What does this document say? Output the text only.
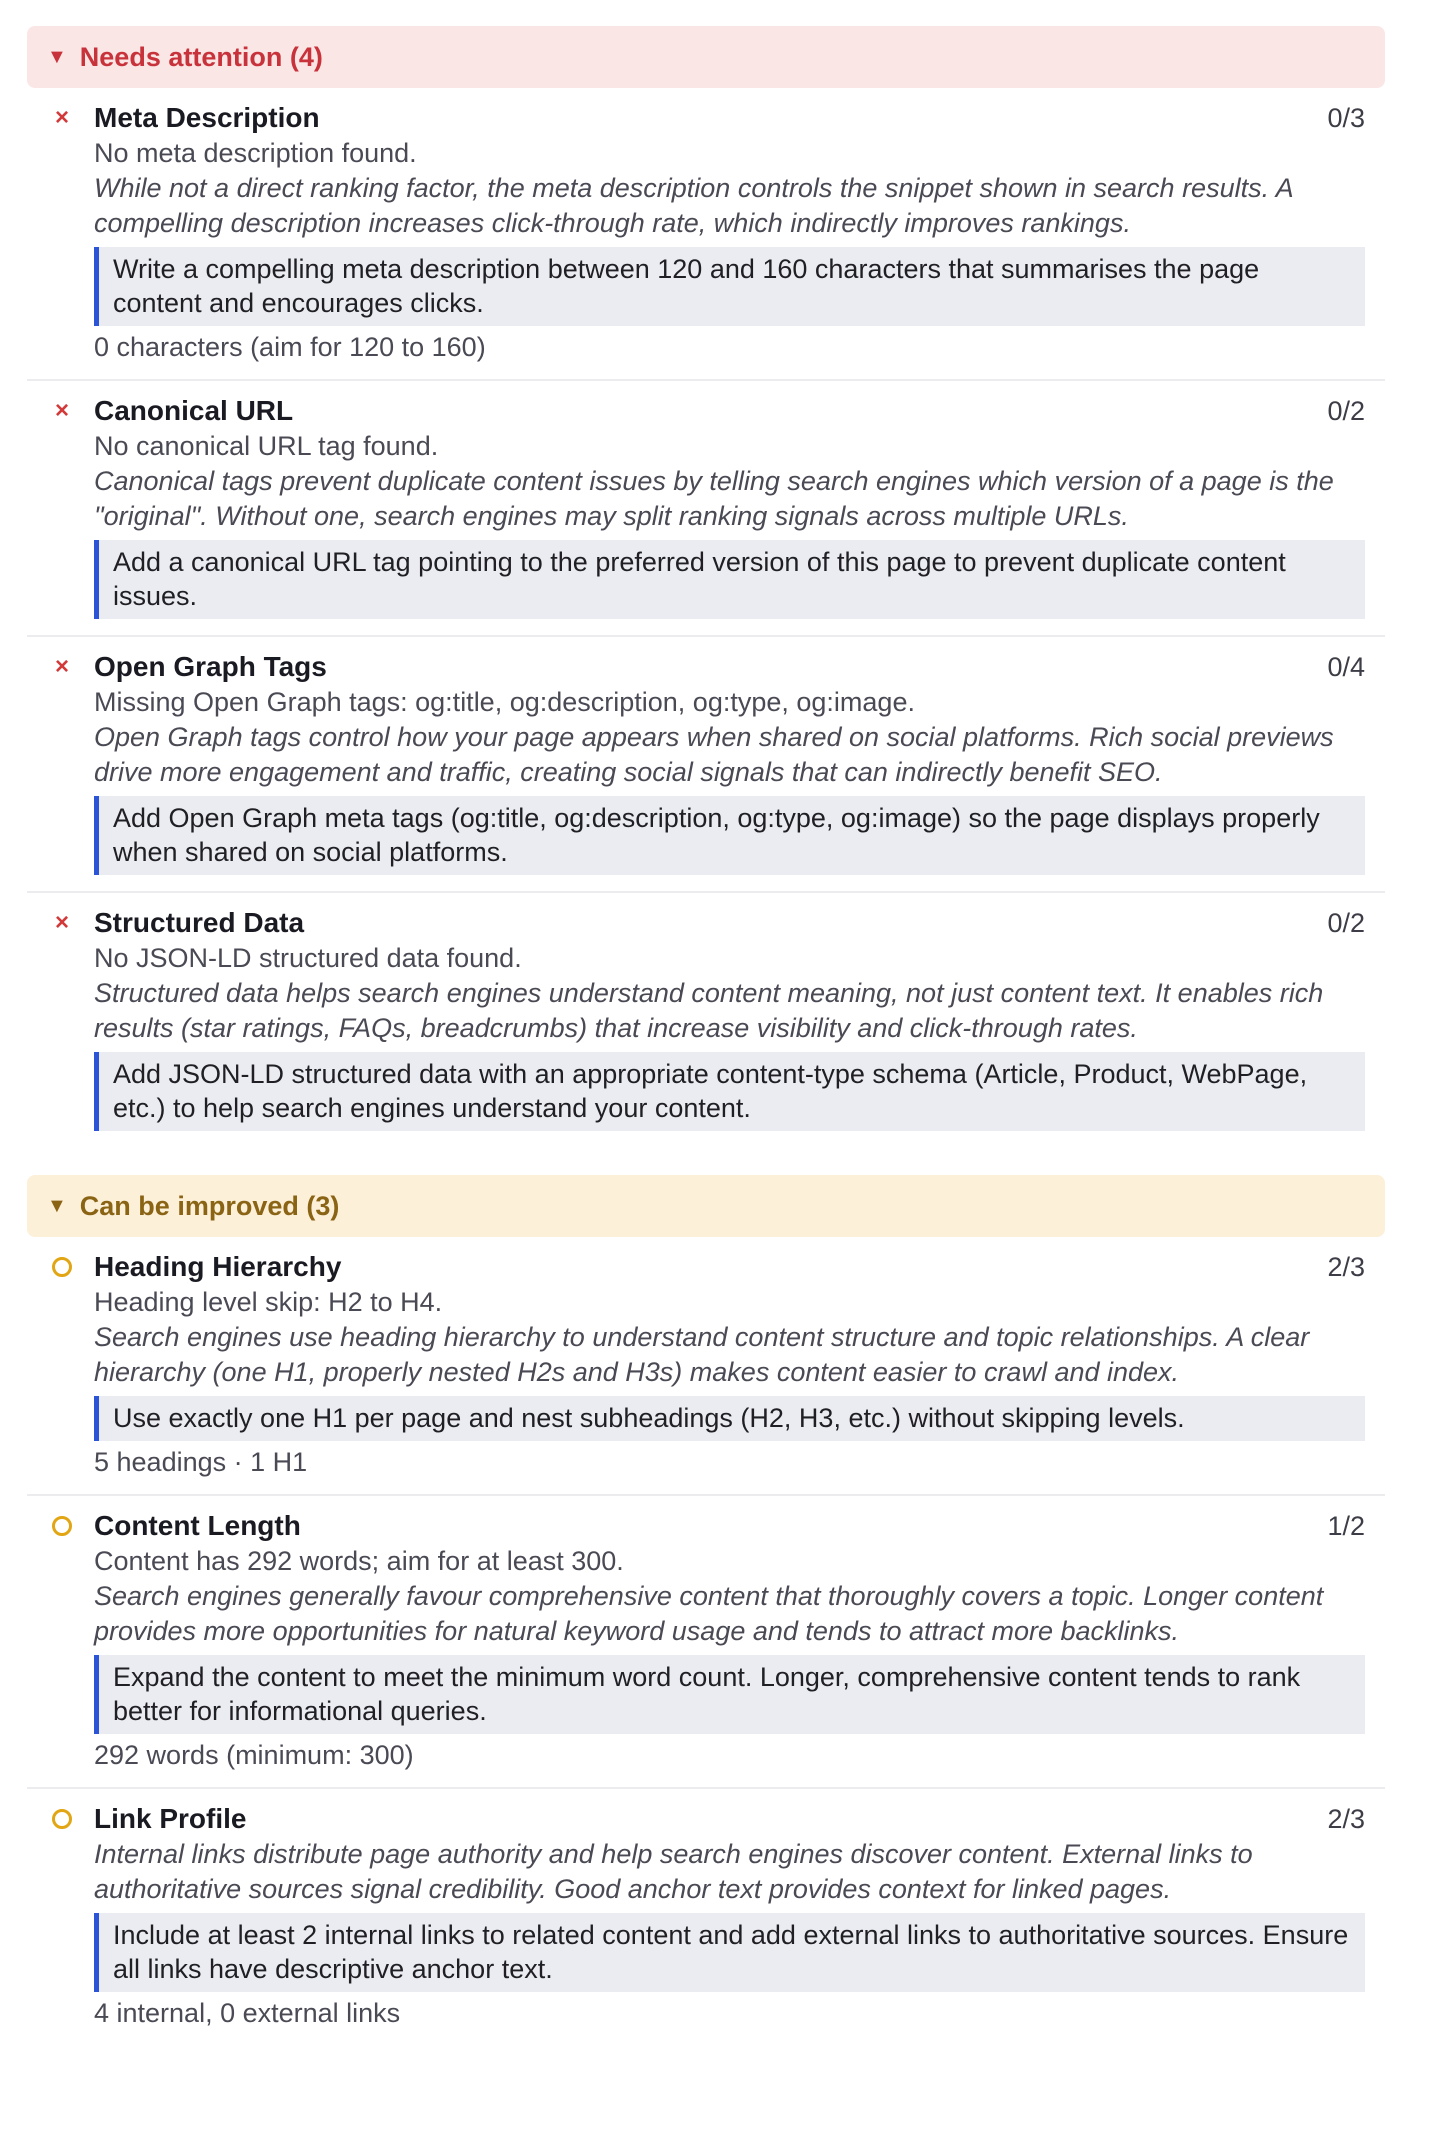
▼ Needs attention (4)
× Meta Description	0/3
No meta description found.
While not a direct ranking factor, the meta description controls the snippet shown in search results. A compelling description increases click-through rate, which indirectly improves rankings.
Write a compelling meta description between 120 and 160 characters that summarises the page content and encourages clicks.
0 characters (aim for 120 to 160)
× Canonical URL	0/2
No canonical URL tag found.
Canonical tags prevent duplicate content issues by telling search engines which version of a page is the "original". Without one, search engines may split ranking signals across multiple URLs.
Add a canonical URL tag pointing to the preferred version of this page to prevent duplicate content issues.
× Open Graph Tags	0/4
Missing Open Graph tags: og:title, og:description, og:type, og:image.
Open Graph tags control how your page appears when shared on social platforms. Rich social previews drive more engagement and traffic, creating social signals that can indirectly benefit SEO.
Add Open Graph meta tags (og:title, og:description, og:type, og:image) so the page displays properly when shared on social platforms.
× Structured Data	0/2
No JSON-LD structured data found.
Structured data helps search engines understand content meaning, not just content text. It enables rich results (star ratings, FAQs, breadcrumbs) that increase visibility and click-through rates.
Add JSON-LD structured data with an appropriate content-type schema (Article, Product, WebPage, etc.) to help search engines understand your content.
▼ Can be improved (3)
Heading Hierarchy	2/3
Heading level skip: H2 to H4.
Search engines use heading hierarchy to understand content structure and topic relationships. A clear hierarchy (one H1, properly nested H2s and H3s) makes content easier to crawl and index.
Use exactly one H1 per page and nest subheadings (H2, H3, etc.) without skipping levels.
5 headings · 1 H1
Content Length	1/2
Content has 292 words; aim for at least 300.
Search engines generally favour comprehensive content that thoroughly covers a topic. Longer content provides more opportunities for natural keyword usage and tends to attract more backlinks.
Expand the content to meet the minimum word count. Longer, comprehensive content tends to rank better for informational queries.
292 words (minimum: 300)
Link Profile	2/3
Internal links distribute page authority and help search engines discover content. External links to authoritative sources signal credibility. Good anchor text provides context for linked pages.
Include at least 2 internal links to related content and add external links to authoritative sources. Ensure all links have descriptive anchor text.
4 internal, 0 external links
